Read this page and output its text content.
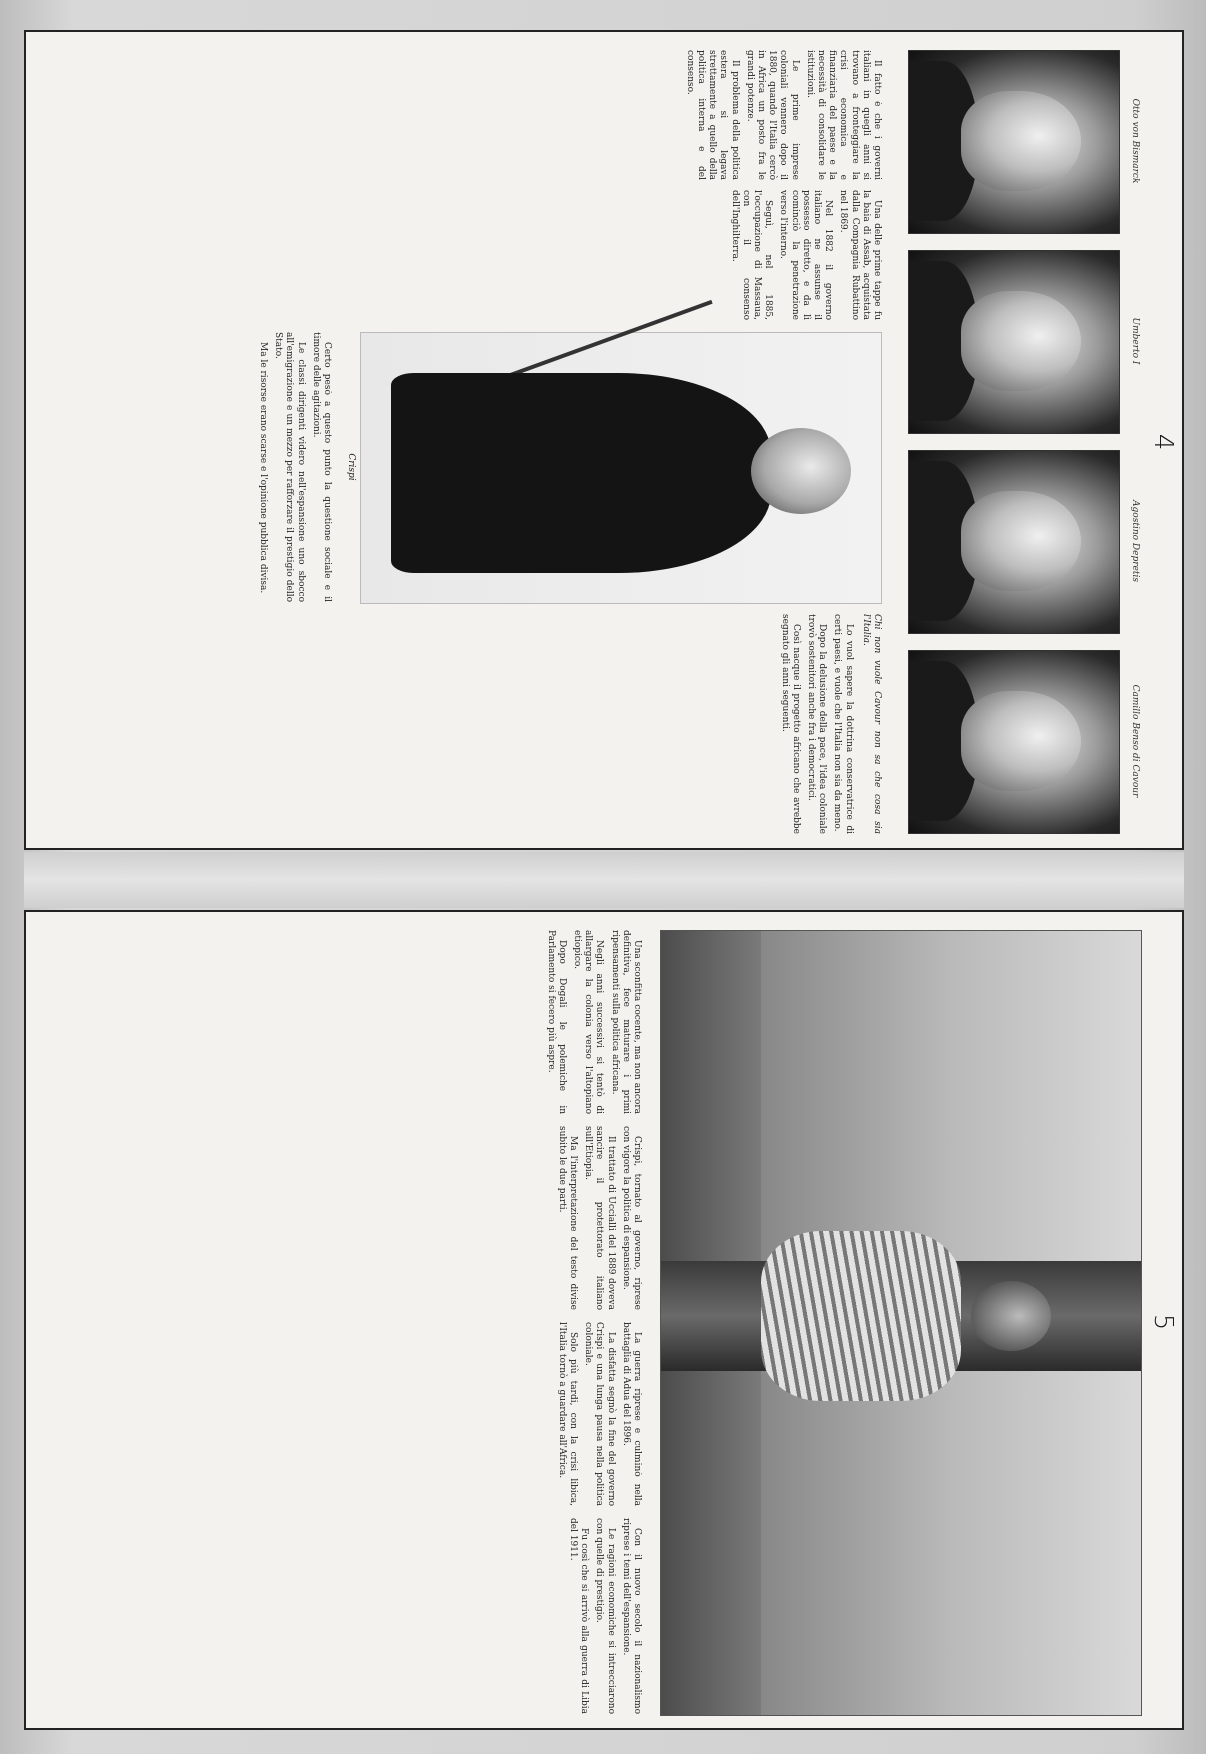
4
Otto von Bismarck
Umberto I
Agostino Depretis
Camillo Benso di Cavour

Il fatto è che i governi italiani in quegli anni si trovano a fronteggiare la crisi economica e finanziaria del paese e la necessità di consolidare le istituzioni.

Le prime imprese coloniali vennero dopo il 1880, quando l'Italia cercò in Africa un posto fra le grandi potenze.

Il problema della politica estera si legava strettamente a quello della politica interna e del consenso.

Una delle prime tappe fu la baia di Assab, acquistata dalla Compagnia Rubattino nel 1869.

Nel 1882 il governo italiano ne assunse il possesso diretto, e da lì cominciò la penetrazione verso l'interno.

Seguì, nel 1885, l'occupazione di Massaua, con il consenso dell'Inghilterra.

Crispi

Certo pesò a questo punto la questione sociale e il timore delle agitazioni.

Le classi dirigenti videro nell'espansione uno sbocco all'emigrazione e un mezzo per rafforzare il prestigio dello Stato.

Ma le risorse erano scarse e l'opinione pubblica divisa.

Chi non vuole Cavour non sa che cosa sia l'Italia.

Lo vuol sapere la dottrina conservatrice di certi paesi, e vuole che l'Italia non sia da meno.

Dopo la delusione della pace, l'idea coloniale trovò sostenitori anche fra i democratici.

Così nacque il progetto africano che avrebbe segnato gli anni seguenti.

5

Una sconfitta cocente, ma non ancora definitiva, fece maturare i primi ripensamenti sulla politica africana.

Negli anni successivi si tentò di allargare la colonia verso l'altopiano etiopico.

Dopo Dogali le polemiche in Parlamento si fecero più aspre.

Crispi, tornato al governo, riprese con vigore la politica di espansione.

Il trattato di Uccialli del 1889 doveva sancire il protettorato italiano sull'Etiopia.

Ma l'interpretazione del testo divise subito le due parti.

La guerra riprese e culminò nella battaglia di Adua del 1896.

La disfatta segnò la fine del governo Crispi e una lunga pausa nella politica coloniale.

Solo più tardi, con la crisi libica, l'Italia tornò a guardare all'Africa.

Con il nuovo secolo il nazionalismo riprese i temi dell'espansione.

Le ragioni economiche si intrecciarono con quelle di prestigio.

Fu così che si arrivò alla guerra di Libia del 1911.
